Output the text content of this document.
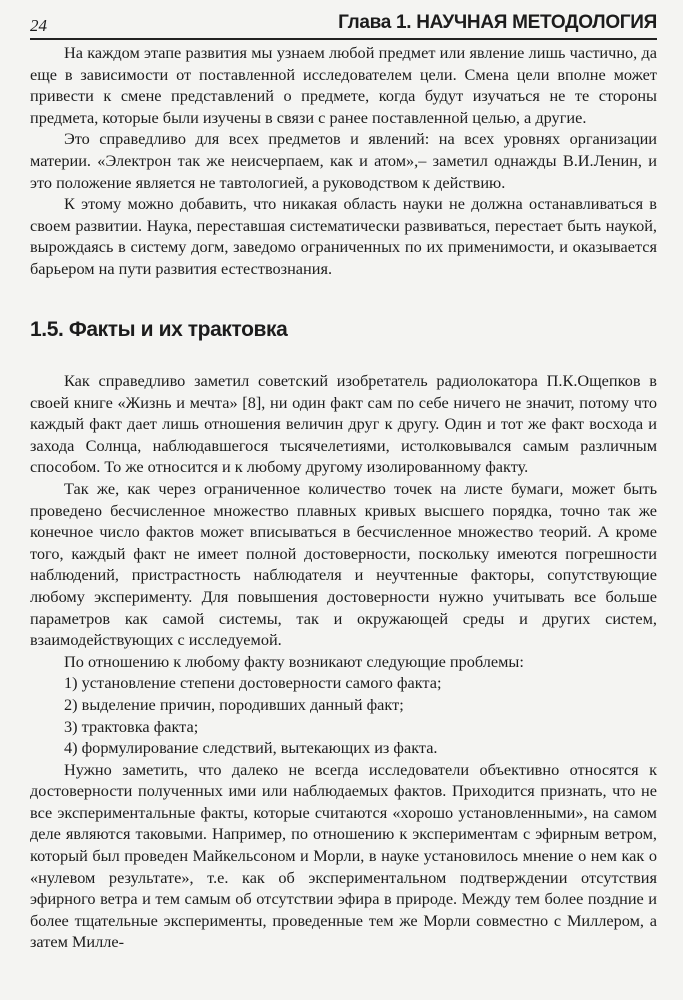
24	Глава 1. НАУЧНАЯ МЕТОДОЛОГИЯ

На каждом этапе развития мы узнаем любой предмет или явление лишь частично, да еще в зависимости от поставленной исследователем цели. Смена цели вполне может привести к смене представлений о предмете, когда будут изучаться не те стороны предмета, которые были изучены в связи с ранее поставленной целью, а другие.

Это справедливо для всех предметов и явлений: на всех уровнях организации материи. «Электрон так же неисчерпаем, как и атом»,– заметил однажды В.И.Ленин, и это положение является не тавтологией, а руководством к действию.

К этому можно добавить, что никакая область науки не должна останавливаться в своем развитии. Наука, переставшая систематически развиваться, перестает быть наукой, вырождаясь в систему догм, заведомо ограниченных по их применимости, и оказывается барьером на пути развития естествознания.

1.5. Факты и их трактовка

Как справедливо заметил советский изобретатель радиолокатора П.К.Ощепков в своей книге «Жизнь и мечта» [8], ни один факт сам по себе ничего не значит, потому что каждый факт дает лишь отношения величин друг к другу. Один и тот же факт восхода и захода Солнца, наблюдавшегося тысячелетиями, истолковывался самым различным способом. То же относится и к любому другому изолированному факту.

Так же, как через ограниченное количество точек на листе бумаги, может быть проведено бесчисленное множество плавных кривых высшего порядка, точно так же конечное число фактов может вписываться в бесчисленное множество теорий. А кроме того, каждый факт не имеет полной достоверности, поскольку имеются погрешности наблюдений, пристрастность наблюдателя и неучтенные факторы, сопутствующие любому эксперименту. Для повышения достоверности нужно учитывать все больше параметров как самой системы, так и окружающей среды и других систем, взаимодействующих с исследуемой.

По отношению к любому факту возникают следующие проблемы:

1) установление степени достоверности самого факта;

2) выделение причин, породивших данный факт;

3) трактовка факта;

4) формулирование следствий, вытекающих из факта.

Нужно заметить, что далеко не всегда исследователи объективно относятся к достоверности полученных ими или наблюдаемых фактов. Приходится признать, что не все экспериментальные факты, которые считаются «хорошо установленными», на самом деле являются таковыми. Например, по отношению к экспериментам с эфирным ветром, который был проведен Майкельсоном и Морли, в науке установилось мнение о нем как о «нулевом результате», т.е. как об экспериментальном подтверждении отсутствия эфирного ветра и тем самым об отсутствии эфира в природе. Между тем более поздние и более тщательные эксперименты, проведенные тем же Морли совместно с Миллером, а затем Милле-
